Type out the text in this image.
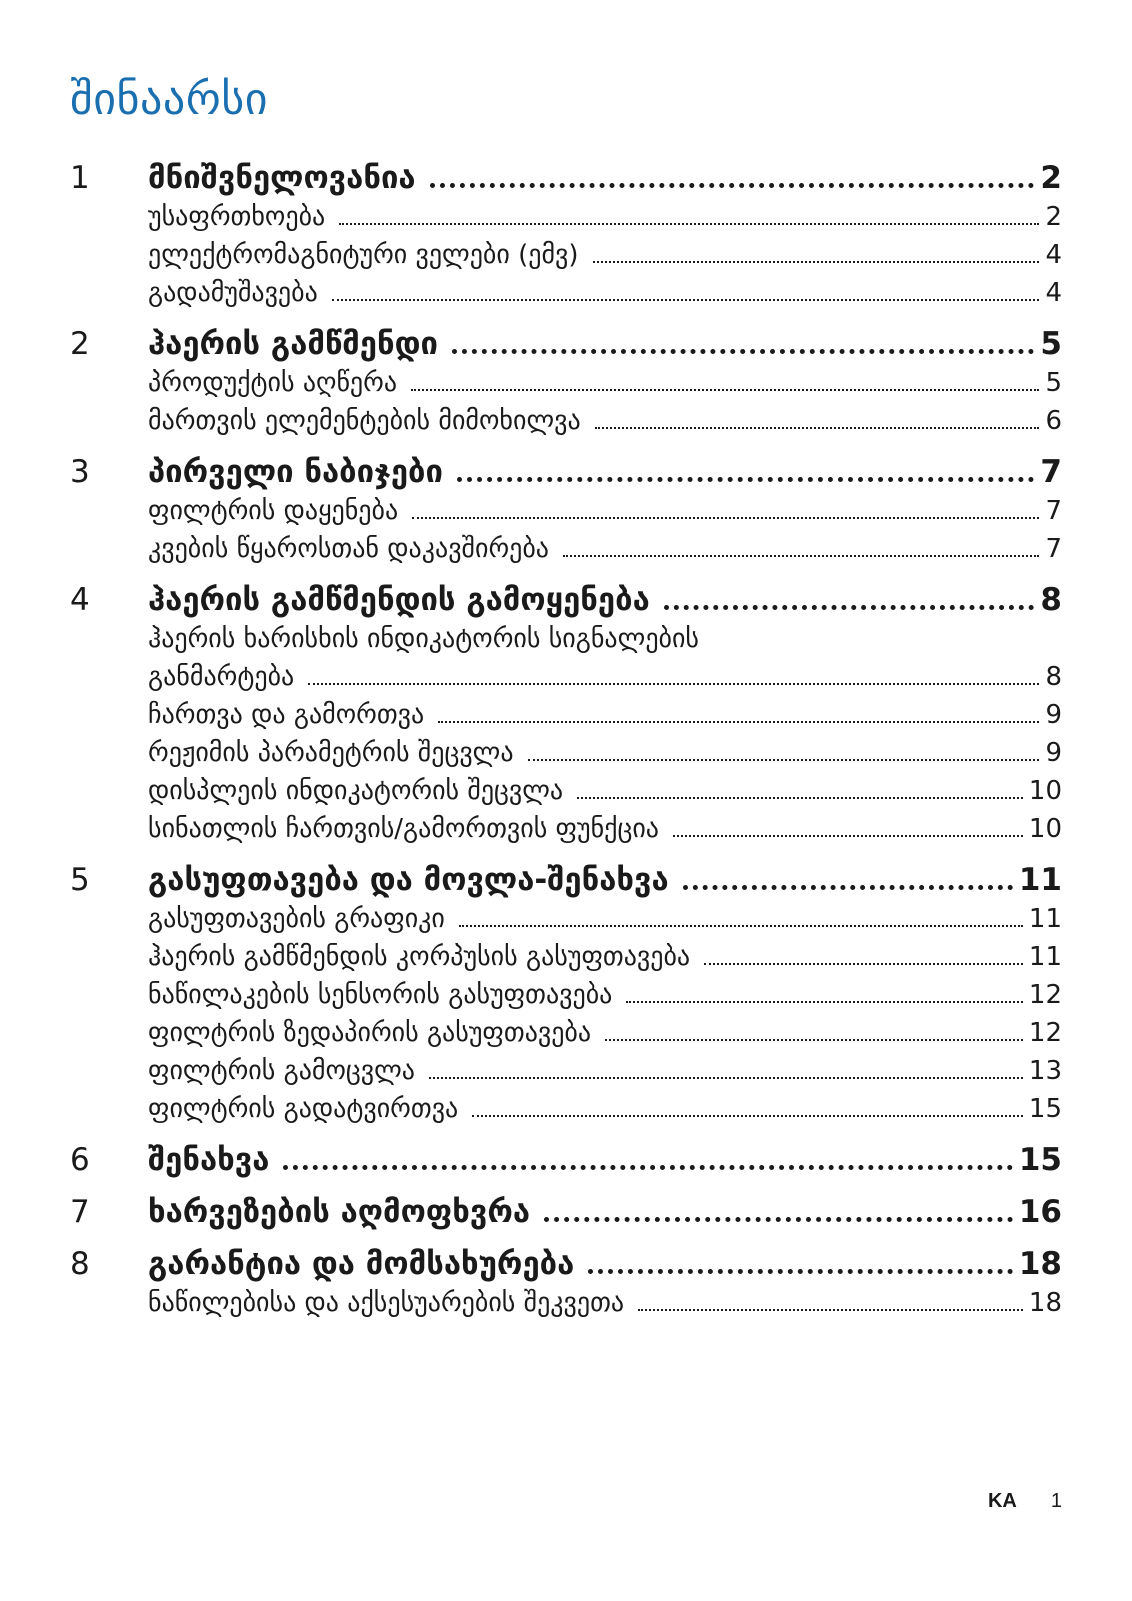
შინაარსი
1	მნიშვნელოვანია	2
უსაფრთხოება	2
ელექტრომაგნიტური ველები (ემვ)	4
გადამუშავება	4
2	ჰაერის გამწმენდი	5
პროდუქტის აღწერა	5
მართვის ელემენტების მიმოხილვა	6
3	პირველი ნაბიჯები	7
ფილტრის დაყენება	7
კვების წყაროსთან დაკავშირება	7
4	ჰაერის გამწმენდის გამოყენება	8
ჰაერის ხარისხის ინდიკატორის სიგნალების
განმარტება	8
ჩართვა და გამორთვა	9
რეჟიმის პარამეტრის შეცვლა	9
დისპლეის ინდიკატორის შეცვლა	10
სინათლის ჩართვის/გამორთვის ფუნქცია	10
5	გასუფთავება და მოვლა-შენახვა	11
გასუფთავების გრაფიკი	11
ჰაერის გამწმენდის კორპუსის გასუფთავება	11
ნაწილაკების სენსორის გასუფთავება	12
ფილტრის ზედაპირის გასუფთავება	12
ფილტრის გამოცვლა	13
ფილტრის გადატვირთვა	15
6	შენახვა	15
7	ხარვეზების აღმოფხვრა	16
8	გარანტია და მომსახურება	18
ნაწილებისა და აქსესუარების შეკვეთა	18
KA 1
